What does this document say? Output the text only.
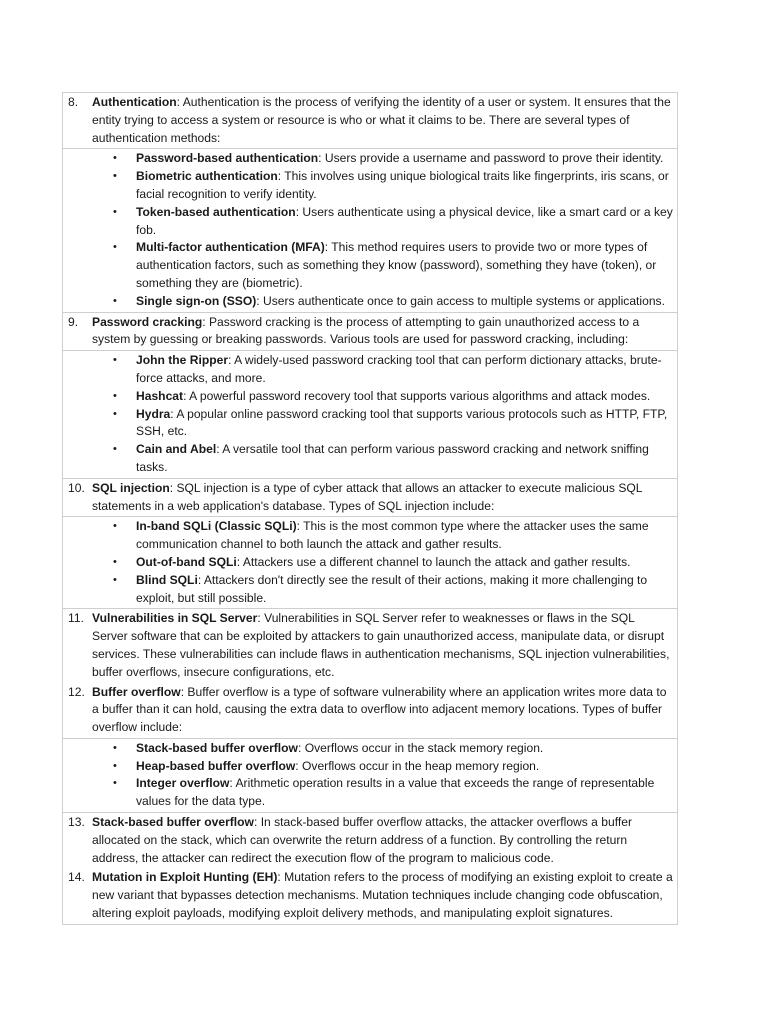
8.	Authentication: Authentication is the process of verifying the identity of a user or system. It ensures that the entity trying to access a system or resource is who or what it claims to be. There are several types of authentication methods:
•	Password-based authentication: Users provide a username and password to prove their identity.
•	Biometric authentication: This involves using unique biological traits like fingerprints, iris scans, or facial recognition to verify identity.
•	Token-based authentication: Users authenticate using a physical device, like a smart card or a key fob.
•	Multi-factor authentication (MFA): This method requires users to provide two or more types of authentication factors, such as something they know (password), something they have (token), or something they are (biometric).
•	Single sign-on (SSO): Users authenticate once to gain access to multiple systems or applications.
9.	Password cracking: Password cracking is the process of attempting to gain unauthorized access to a system by guessing or breaking passwords. Various tools are used for password cracking, including:
•	John the Ripper: A widely-used password cracking tool that can perform dictionary attacks, brute-force attacks, and more.
•	Hashcat: A powerful password recovery tool that supports various algorithms and attack modes.
•	Hydra: A popular online password cracking tool that supports various protocols such as HTTP, FTP, SSH, etc.
•	Cain and Abel: A versatile tool that can perform various password cracking and network sniffing tasks.
10. SQL injection: SQL injection is a type of cyber attack that allows an attacker to execute malicious SQL statements in a web application's database. Types of SQL injection include:
•	In-band SQLi (Classic SQLi): This is the most common type where the attacker uses the same communication channel to both launch the attack and gather results.
•	Out-of-band SQLi: Attackers use a different channel to launch the attack and gather results.
•	Blind SQLi: Attackers don't directly see the result of their actions, making it more challenging to exploit, but still possible.
11. Vulnerabilities in SQL Server: Vulnerabilities in SQL Server refer to weaknesses or flaws in the SQL Server software that can be exploited by attackers to gain unauthorized access, manipulate data, or disrupt services. These vulnerabilities can include flaws in authentication mechanisms, SQL injection vulnerabilities, buffer overflows, insecure configurations, etc.
12. Buffer overflow: Buffer overflow is a type of software vulnerability where an application writes more data to a buffer than it can hold, causing the extra data to overflow into adjacent memory locations. Types of buffer overflow include:
•	Stack-based buffer overflow: Overflows occur in the stack memory region.
•	Heap-based buffer overflow: Overflows occur in the heap memory region.
•	Integer overflow: Arithmetic operation results in a value that exceeds the range of representable values for the data type.
13. Stack-based buffer overflow: In stack-based buffer overflow attacks, the attacker overflows a buffer allocated on the stack, which can overwrite the return address of a function. By controlling the return address, the attacker can redirect the execution flow of the program to malicious code.
14. Mutation in Exploit Hunting (EH): Mutation refers to the process of modifying an existing exploit to create a new variant that bypasses detection mechanisms. Mutation techniques include changing code obfuscation, altering exploit payloads, modifying exploit delivery methods, and manipulating exploit signatures.
